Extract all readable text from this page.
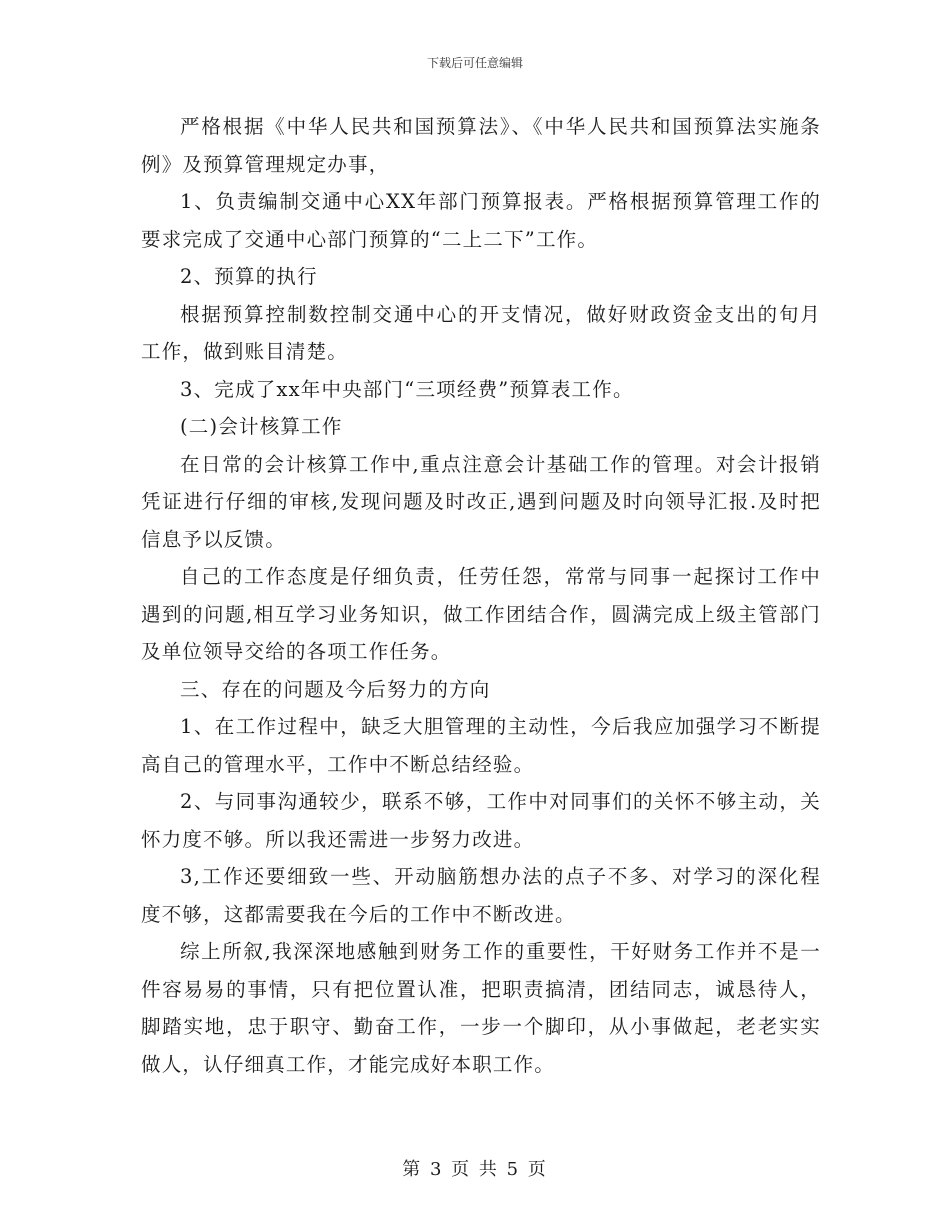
下载后可任意编辑

严格根据《中华人民共和国预算法》、《中华人民共和国预算法实施条例》及预算管理规定办事，

1、负责编制交通中心XX年部门预算报表。严格根据预算管理工作的要求完成了交通中心部门预算的“二上二下”工作。

2、预算的执行

根据预算控制数控制交通中心的开支情况，做好财政资金支出的旬月工作，做到账目清楚。

3、完成了xx年中央部门“三项经费”预算表工作。

(二)会计核算工作

在日常的会计核算工作中,重点注意会计基础工作的管理。对会计报销凭证进行仔细的审核,发现问题及时改正,遇到问题及时向领导汇报.及时把信息予以反馈。

自己的工作态度是仔细负责，任劳任怨，常常与同事一起探讨工作中遇到的问题,相互学习业务知识，做工作团结合作，圆满完成上级主管部门及单位领导交给的各项工作任务。

三、存在的问题及今后努力的方向

1、在工作过程中，缺乏大胆管理的主动性，今后我应加强学习不断提高自己的管理水平，工作中不断总结经验。

2、与同事沟通较少，联系不够，工作中对同事们的关怀不够主动，关怀力度不够。所以我还需进一步努力改进。

3,工作还要细致一些、开动脑筋想办法的点子不多、对学习的深化程度不够，这都需要我在今后的工作中不断改进。

综上所叙,我深深地感触到财务工作的重要性，干好财务工作并不是一件容易易的事情，只有把位置认准，把职责搞清，团结同志，诚恳待人，脚踏实地，忠于职守、勤奋工作，一步一个脚印，从小事做起，老老实实做人，认仔细真工作，才能完成好本职工作。

第 3 页 共 5 页
